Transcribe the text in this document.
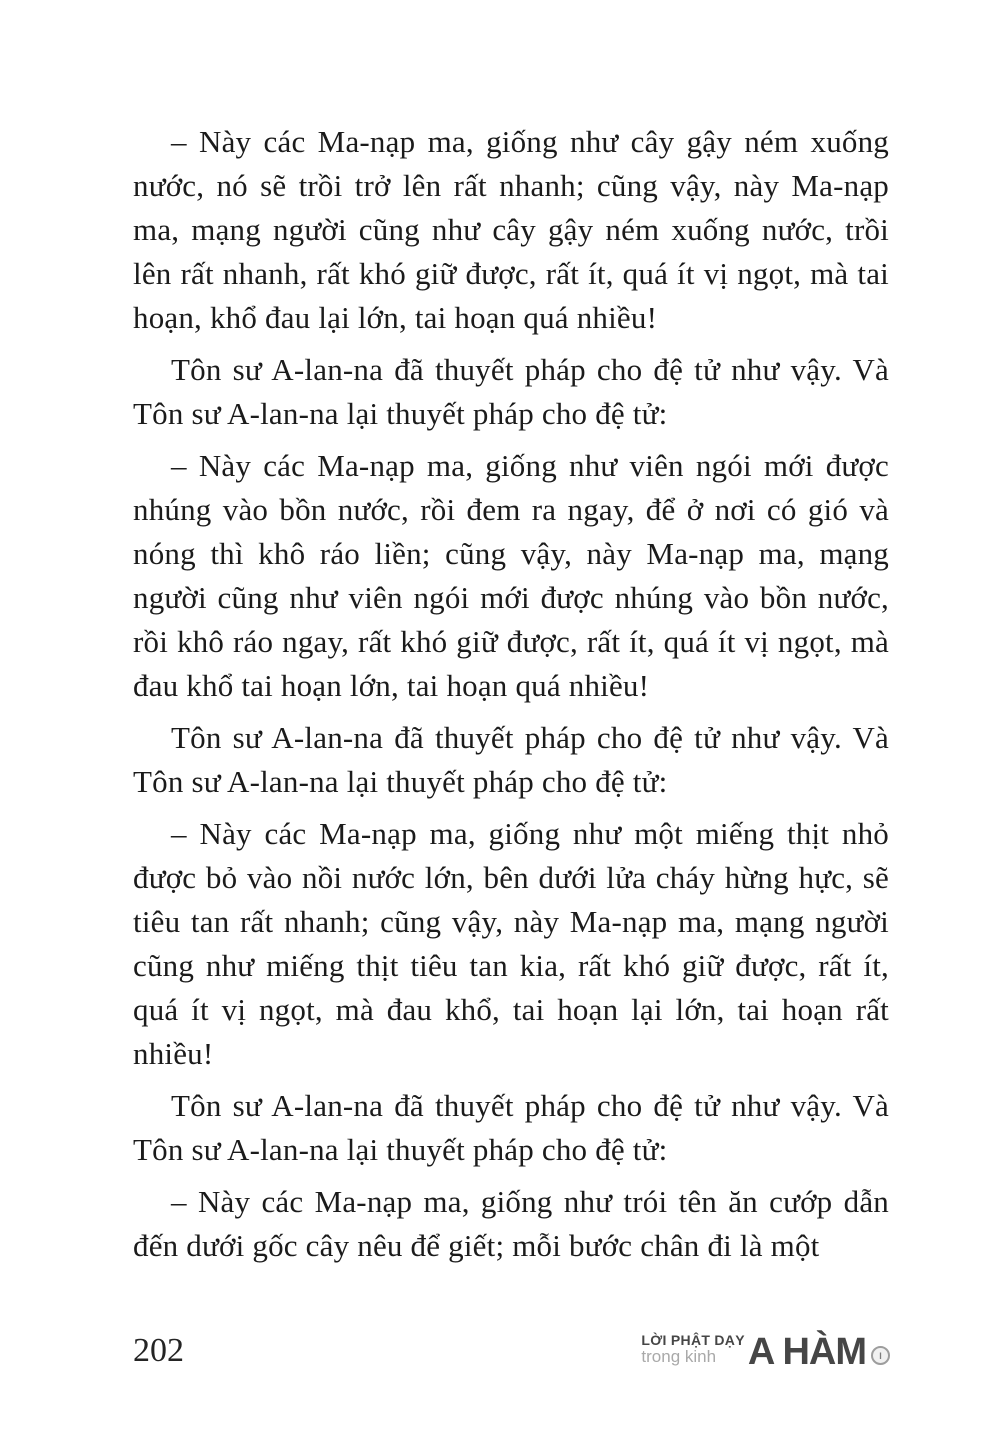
– Này các Ma-nạp ma, giống như cây gậy ném xuống nước, nó sẽ trồi trở lên rất nhanh; cũng vậy, này Ma-nạp ma, mạng người cũng như cây gậy ném xuống nước, trồi lên rất nhanh, rất khó giữ được, rất ít, quá ít vị ngọt, mà tai hoạn, khổ đau lại lớn, tai hoạn quá nhiều!

Tôn sư A-lan-na đã thuyết pháp cho đệ tử như vậy. Và Tôn sư A-lan-na lại thuyết pháp cho đệ tử:

– Này các Ma-nạp ma, giống như viên ngói mới được nhúng vào bồn nước, rồi đem ra ngay, để ở nơi có gió và nóng thì khô ráo liền; cũng vậy, này Ma-nạp ma, mạng người cũng như viên ngói mới được nhúng vào bồn nước, rồi khô ráo ngay, rất khó giữ được, rất ít, quá ít vị ngọt, mà đau khổ tai hoạn lớn, tai hoạn quá nhiều!

Tôn sư A-lan-na đã thuyết pháp cho đệ tử như vậy. Và Tôn sư A-lan-na lại thuyết pháp cho đệ tử:

– Này các Ma-nạp ma, giống như một miếng thịt nhỏ được bỏ vào nồi nước lớn, bên dưới lửa cháy hừng hực, sẽ tiêu tan rất nhanh; cũng vậy, này Ma-nạp ma, mạng người cũng như miếng thịt tiêu tan kia, rất khó giữ được, rất ít, quá ít vị ngọt, mà đau khổ, tai hoạn lại lớn, tai hoạn rất nhiều!

Tôn sư A-lan-na đã thuyết pháp cho đệ tử như vậy. Và Tôn sư A-lan-na lại thuyết pháp cho đệ tử:

– Này các Ma-nạp ma, giống như trói tên ăn cướp dẫn đến dưới gốc cây nêu để giết; mỗi bước chân đi là một

202	LỜI PHẬT DẠY
trong kinh A HÀM	I
